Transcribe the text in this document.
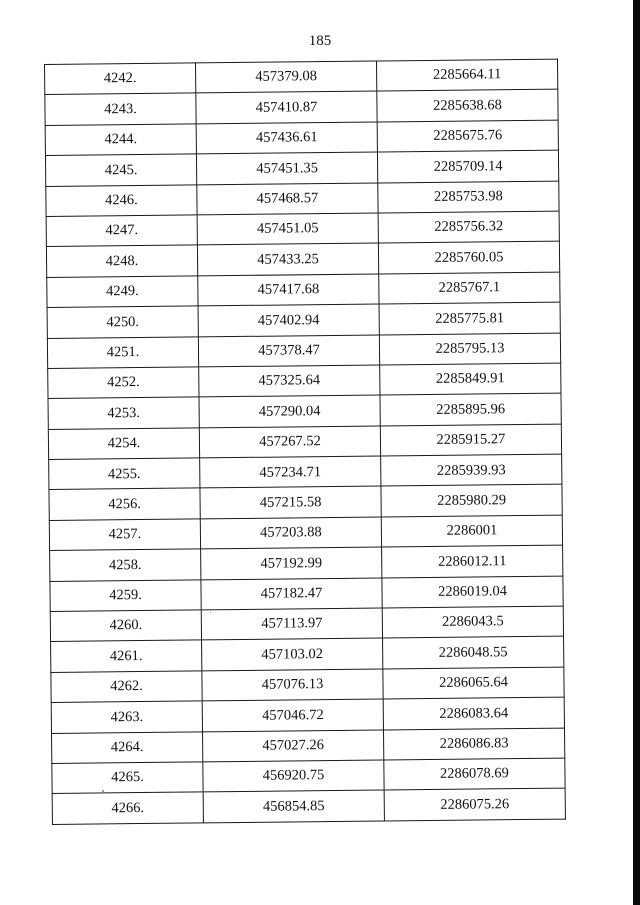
185
4242.	457379.08	2285664.11
4243.	457410.87	2285638.68
4244.	457436.61	2285675.76
4245.	457451.35	2285709.14
4246.	457468.57	2285753.98
4247.	457451.05	2285756.32
4248.	457433.25	2285760.05
4249.	457417.68	2285767.1
4250.	457402.94	2285775.81
4251.	457378.47	2285795.13
4252.	457325.64	2285849.91
4253.	457290.04	2285895.96
4254.	457267.52	2285915.27
4255.	457234.71	2285939.93
4256.	457215.58	2285980.29
4257.	457203.88	2286001
4258.	457192.99	2286012.11
4259.	457182.47	2286019.04
4260.	457113.97	2286043.5
4261.	457103.02	2286048.55
4262.	457076.13	2286065.64
4263.	457046.72	2286083.64
4264.	457027.26	2286086.83
4265.	456920.75	2286078.69
4266.	456854.85	2286075.26
